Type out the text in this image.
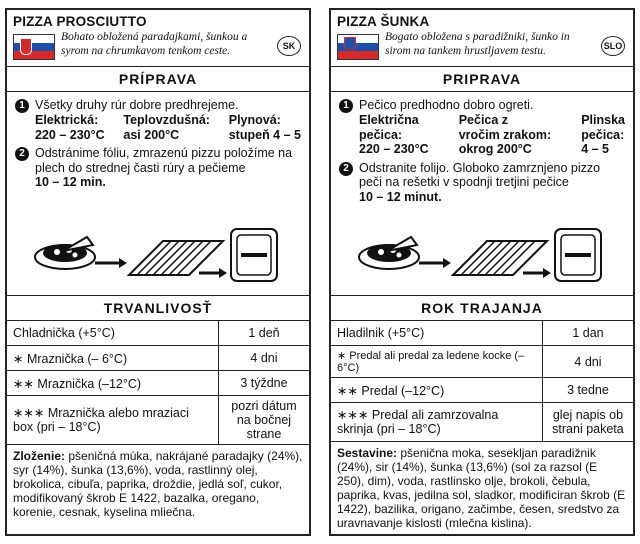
PIZZA PROSCIUTTO
Bohato obložená paradajkami, šunkou a syrom na chrumkavom tenkom ceste.	SK
PRÍPRAVA
1 Všetky druhy rúr dobre predhrejeme.
Elektrická:
220 – 230°C
Teplovzdušná:
asi 200°C
Plynová:
stupeň 4 – 5
2 Odstránime fóliu, zmrazenú pizzu položíme na plech do strednej časti rúry a pečieme
10 – 12 min.
TRVANLIVOSŤ
Chladnička (+5°C)	1 deň
∗ Mraznička (– 6°C)	4 dni
∗∗ Mraznička (–12°C)	3 týždne
∗∗∗ Mraznička alebo mraziaci box (pri – 18°C)	pozri dátum na bočnej strane
Zloženie: pšeničná múka, nakrájané paradajky (24%), syr (14%), šunka (13,6%), voda, rastlinný olej, brokolica, cibuľa, paprika, droždie, jedlá soľ, cukor, modifikovaný škrob E 1422, bazalka, oregano, korenie, cesnak, kyselina mliečna.
PIZZA ŠUNKA
Bogato obložena s paradižniki, šunko in sirom na tankem hrustljavem testu.	SLO
PRIPRAVA
1 Pečico predhodno dobro ogreti.
Električna
pečica:
220 – 230°C
Pečica z
vročim zrakom:
okrog 200°C
Plinska
pečica:
4 – 5
2 Odstranite folijo. Globoko zamrznjeno pizzo peči na rešetki v spodnji tretjini pečice
10 – 12 minut.
ROK TRAJANJA
Hladilnik (+5°C)	1 dan
∗ Predal ali predal za ledene kocke (– 6°C)	4 dni
∗∗ Predal (–12°C)	3 tedne
∗∗∗ Predal ali zamrzovalna skrinja (pri – 18°C)	glej napis ob strani paketa
Sestavine: pšenična moka, sesekljan paradižnik (24%), sir (14%), šunka (13,6%) (sol za razsol (E 250), dim), voda, rastlinsko olje, brokoli, čebula, paprika, kvas, jedilna sol, sladkor, modificiran škrob (E 1422), bazilika, origano, začimbe, česen, sredstvo za uravnavanje kislosti (mlečna kislina).
